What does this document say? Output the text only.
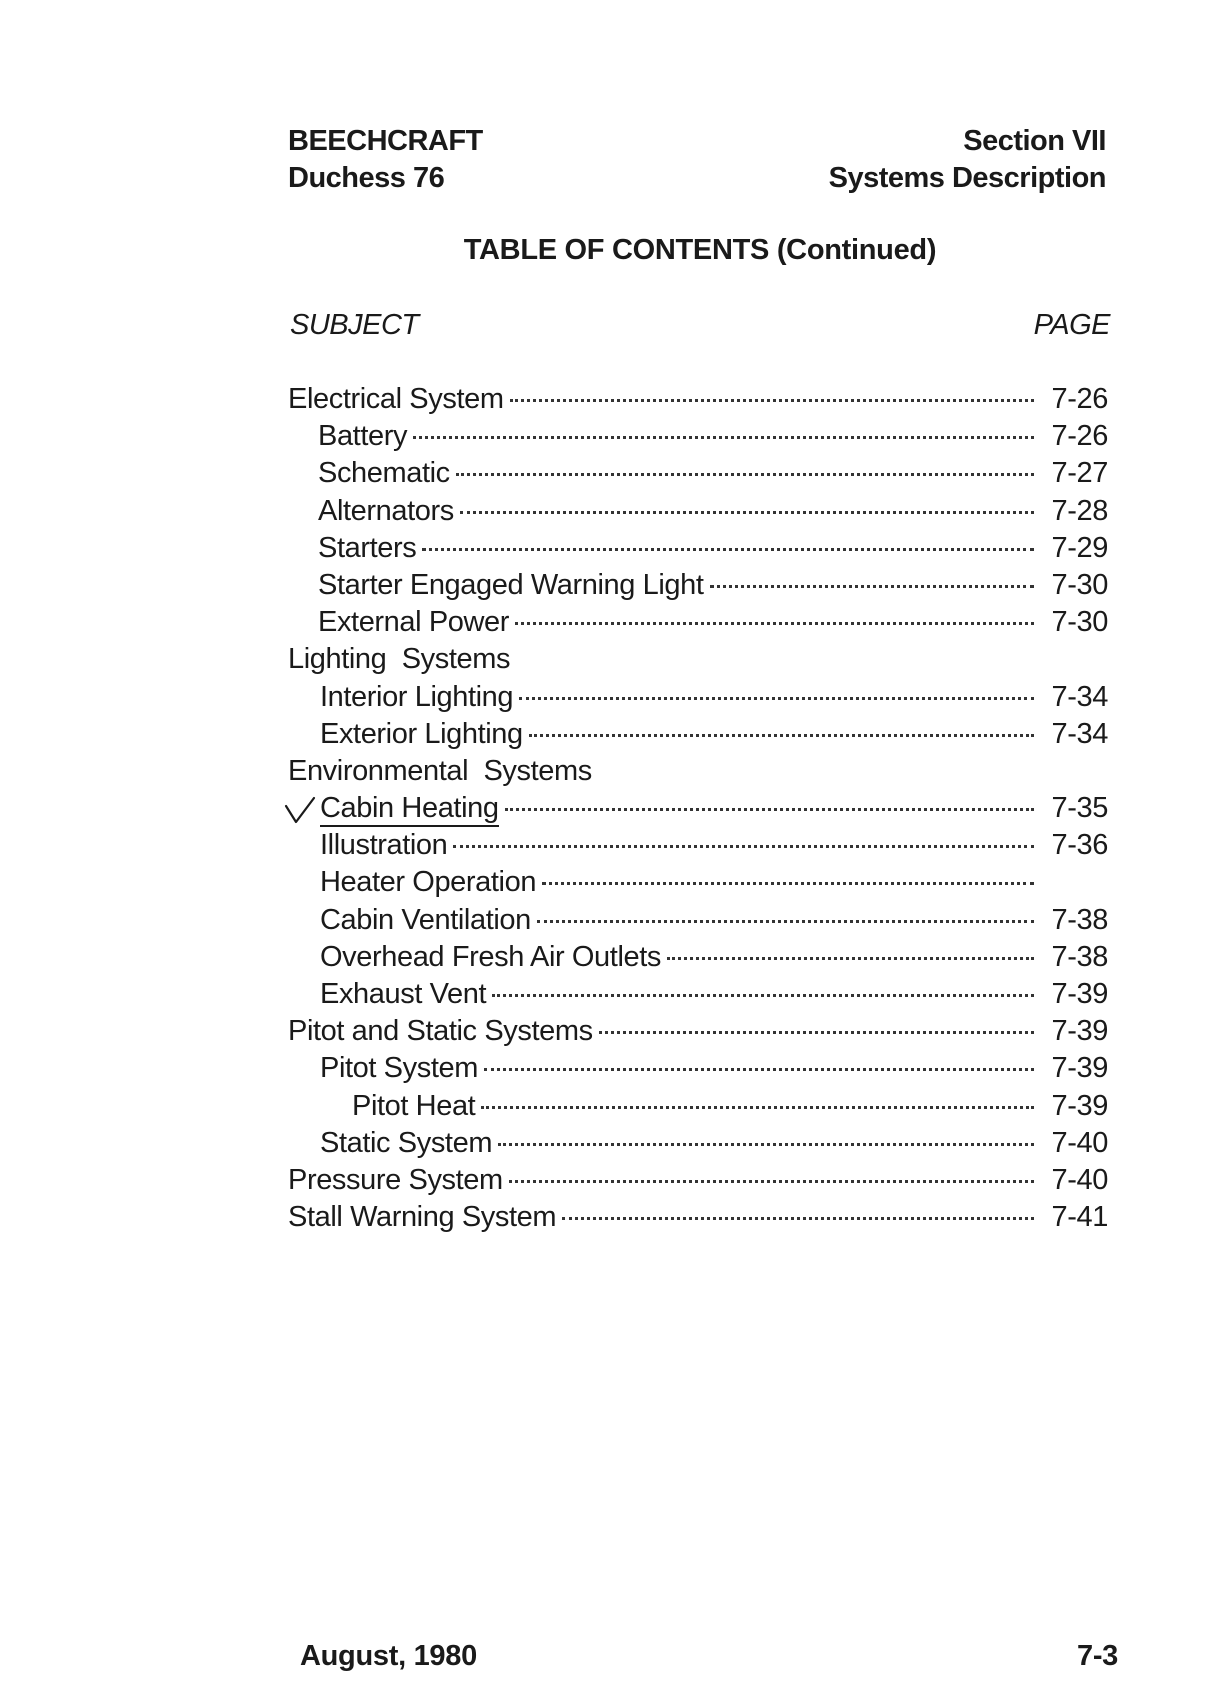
BEECHCRAFT
Duchess 76
Section VII
Systems Description
TABLE OF CONTENTS (Continued)
SUBJECT	PAGE
Electrical System	7-26
Battery	7-26
Schematic	7-27
Alternators	7-28
Starters	7-29
Starter Engaged Warning Light	7-30
External Power	7-30
Lighting  Systems
Interior Lighting	7-34
Exterior Lighting	7-34
Environmental  Systems
Cabin Heating	7-35
Illustration	7-36
Heater Operation
Cabin Ventilation	7-38
Overhead Fresh Air Outlets	7-38
Exhaust Vent	7-39
Pitot and Static Systems	7-39
Pitot System	7-39
Pitot Heat	7-39
Static System	7-40
Pressure System	7-40
Stall Warning System	7-41
August, 1980	7-3
